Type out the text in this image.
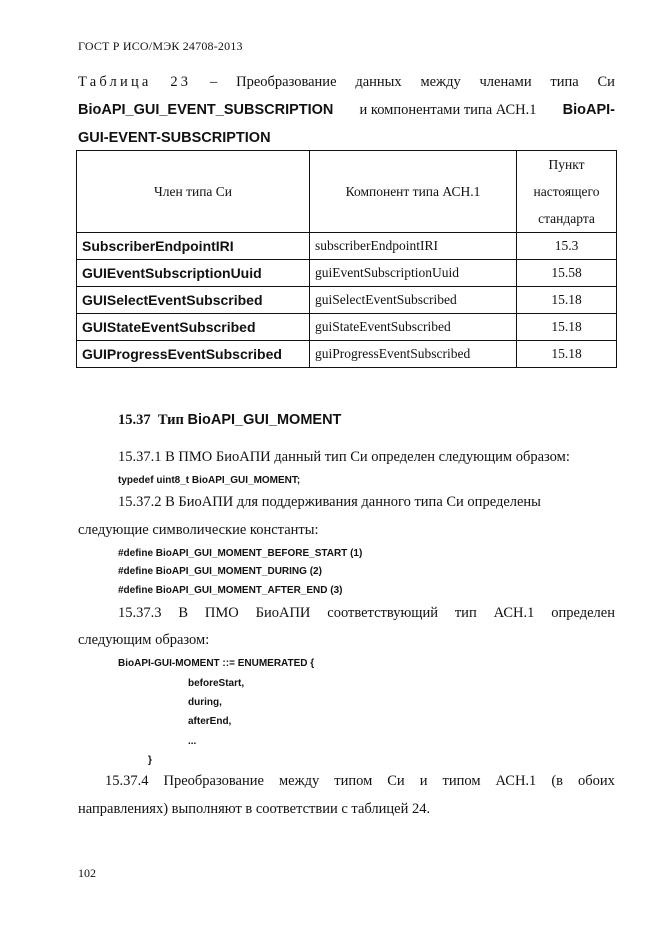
ГОСТ Р ИСО/МЭК 24708-2013
Таблица 23 – Преобразование данных между членами типа Си
BioAPI_GUI_EVENT_SUBSCRIPTION и компонентами типа АСН.1 BioAPI-
GUI-EVENT-SUBSCRIPTION
Член типа Си	Компонент типа АСН.1	Пункт
настоящего
стандарта

SubscriberEndpointIRI	subscriberEndpointIRI	15.3
GUIEventSubscriptionUuid	guiEventSubscriptionUuid	15.58
GUISelectEventSubscribed	guiSelectEventSubscribed	15.18
GUIStateEventSubscribed	guiStateEventSubscribed	15.18
GUIProgressEventSubscribed	guiProgressEventSubscribed	15.18
15.37 Тип BioAPI_GUI_MOMENT
15.37.1 В ПМО БиоАПИ данный тип Си определен следующим образом:
typedef uint8_t BioAPI_GUI_MOMENT;
15.37.2 В БиоАПИ для поддерживания данного типа Си определены
следующие символические константы:
#define BioAPI_GUI_MOMENT_BEFORE_START (1)
#define BioAPI_GUI_MOMENT_DURING (2)
#define BioAPI_GUI_MOMENT_AFTER_END (3)
15.37.3 В ПМО БиоАПИ соответствующий тип АСН.1 определен
следующим образом:
BioAPI-GUI-MOMENT ::= ENUMERATED {
beforeStart,
during,
afterEnd,
...
}
15.37.4 Преобразование между типом Си и типом АСН.1 (в обоих
направлениях) выполняют в соответствии с таблицей 24.
102
